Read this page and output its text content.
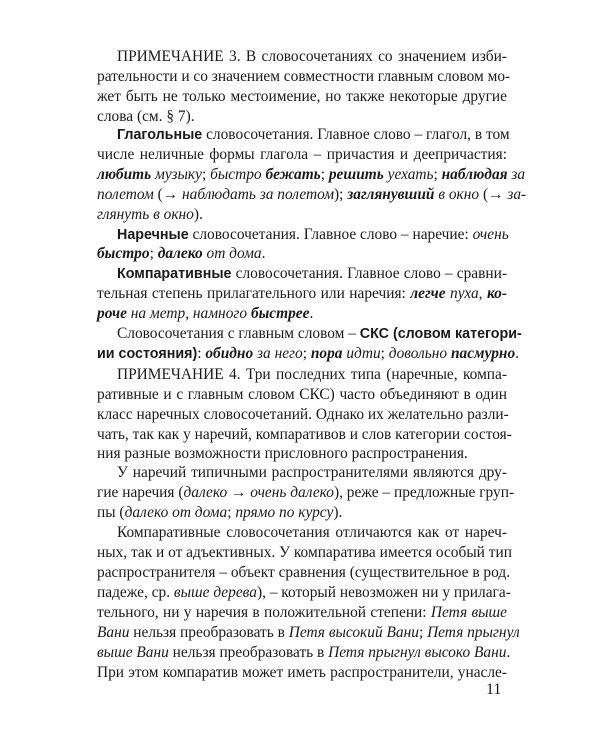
ПРИМЕЧАНИЕ 3. В словосочетаниях со значением изби-
рательности и со значением совместности главным словом мо-
жет быть не только местоимение, но также некоторые другие
слова (см. § 7).
Глагольные словосочетания. Главное слово – глагол, в том
числе неличные формы глагола – причастия и деепричастия:
любить музыку; быстро бежать; решить уехать; наблюдая за
полетом (→ наблюдать за полетом); заглянувший в окно (→ за-
глянуть в окно).
Наречные словосочетания. Главное слово – наречие: очень
быстро; далеко от дома.
Компаративные словосочетания. Главное слово – сравни-
тельная степень прилагательного или наречия: легче пуха, ко-
роче на метр, намного быстрее.
Словосочетания с главным словом – СКС (словом категори-
ии состояния): обидно за него; пора идти; довольно пасмурно.
ПРИМЕЧАНИЕ 4. Три последних типа (наречные, компа-
ративные и с главным словом СКС) часто объединяют в один
класс наречных словосочетаний. Однако их желательно разли-
чать, так как у наречий, компаративов и слов категории состоя-
ния разные возможности присловного распространения.
У наречий типичными распространителями являются дру-
гие наречия (далеко → очень далеко), реже – предложные груп-
пы (далеко от дома; прямо по курсу).
Компаративные словосочетания отличаются как от нареч-
ных, так и от адъективных. У компаратива имеется особый тип
распространителя – объект сравнения (существительное в род.
падеже, ср. выше дерева), – который невозможен ни у прилага-
тельного, ни у наречия в положительной степени: Петя выше
Вани нельзя преобразовать в Петя высокий Вани; Петя прыгнул
выше Вани нельзя преобразовать в Петя прыгнул высоко Вани.
При этом компаратив может иметь распространители, унасле-
11
